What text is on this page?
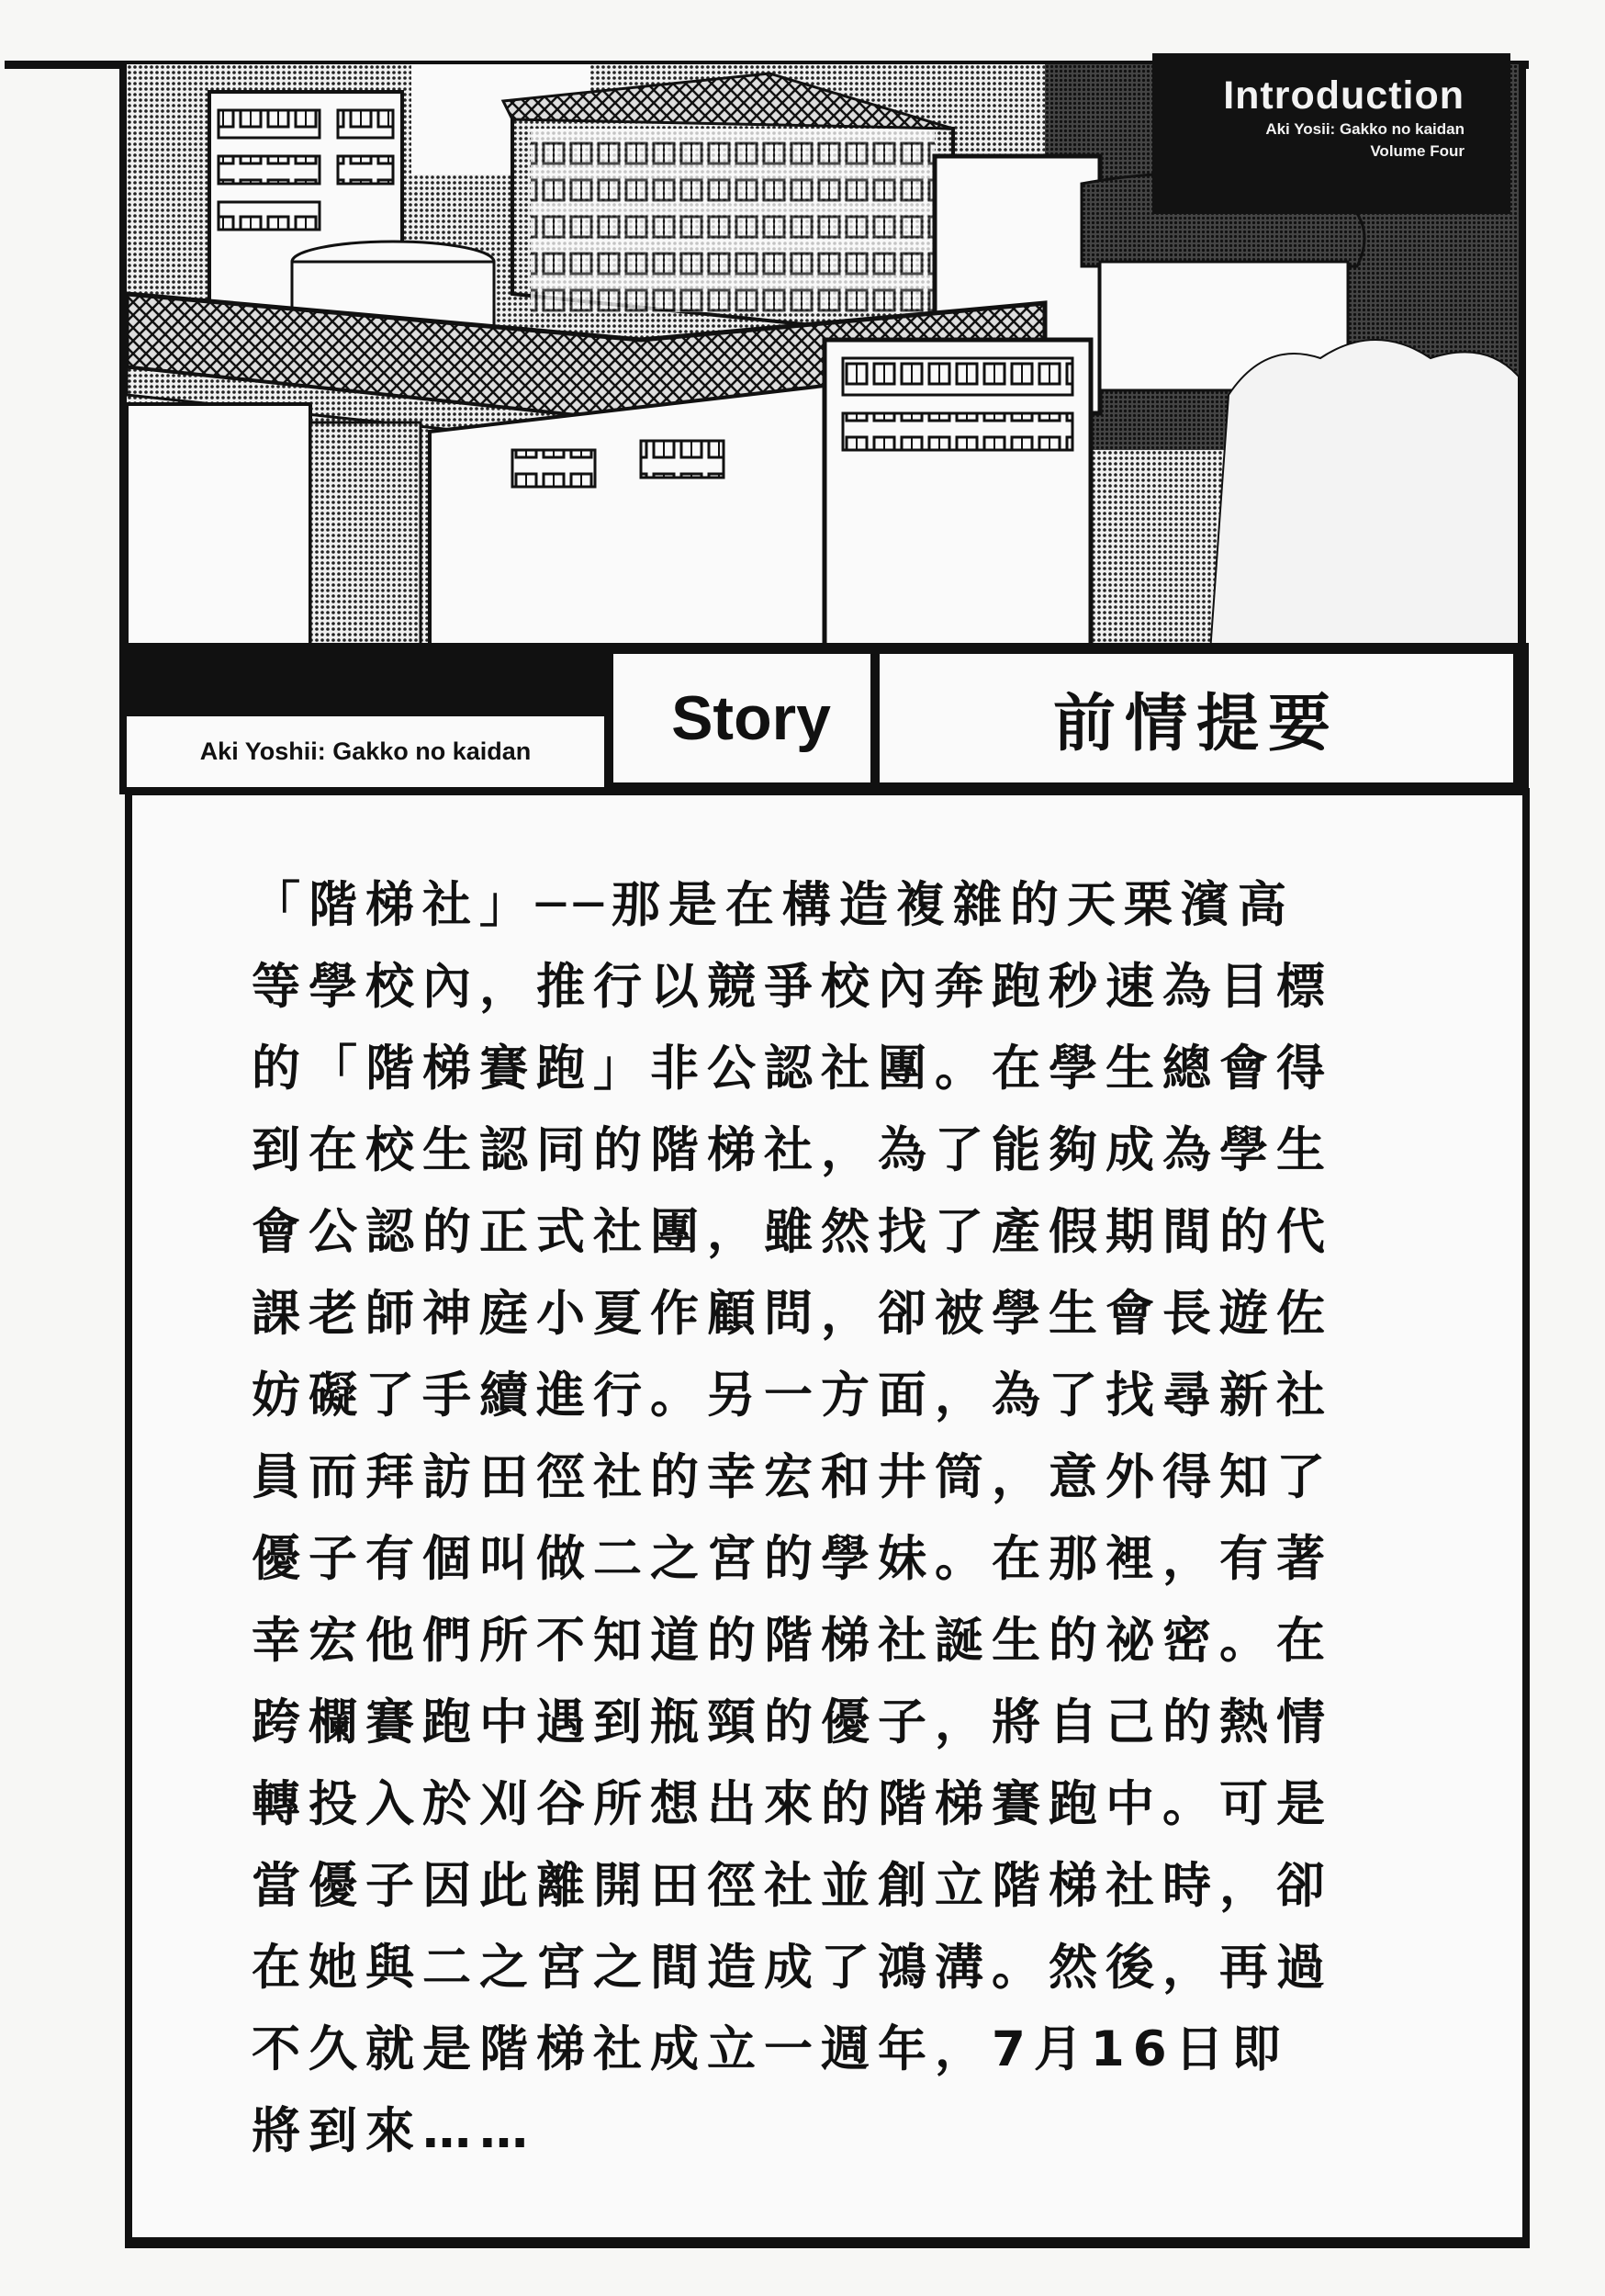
Introduction
Aki Yosii: Gakko no kaidan
Volume Four
Aki Yoshii: Gakko no kaidan	Story	前情提要
「階梯社」──那是在構造複雜的天栗濱高
等學校內，推行以競爭校內奔跑秒速為目標
的「階梯賽跑」非公認社團。在學生總會得
到在校生認同的階梯社，為了能夠成為學生
會公認的正式社團，雖然找了產假期間的代
課老師神庭小夏作顧問，卻被學生會長遊佐
妨礙了手續進行。另一方面，為了找尋新社
員而拜訪田徑社的幸宏和井筒，意外得知了
優子有個叫做二之宮的學妹。在那裡，有著
幸宏他們所不知道的階梯社誕生的祕密。在
跨欄賽跑中遇到瓶頸的優子，將自己的熱情
轉投入於刈谷所想出來的階梯賽跑中。可是
當優子因此離開田徑社並創立階梯社時，卻
在她與二之宮之間造成了鴻溝。然後，再過
不久就是階梯社成立一週年，7月16日即
將到來……
